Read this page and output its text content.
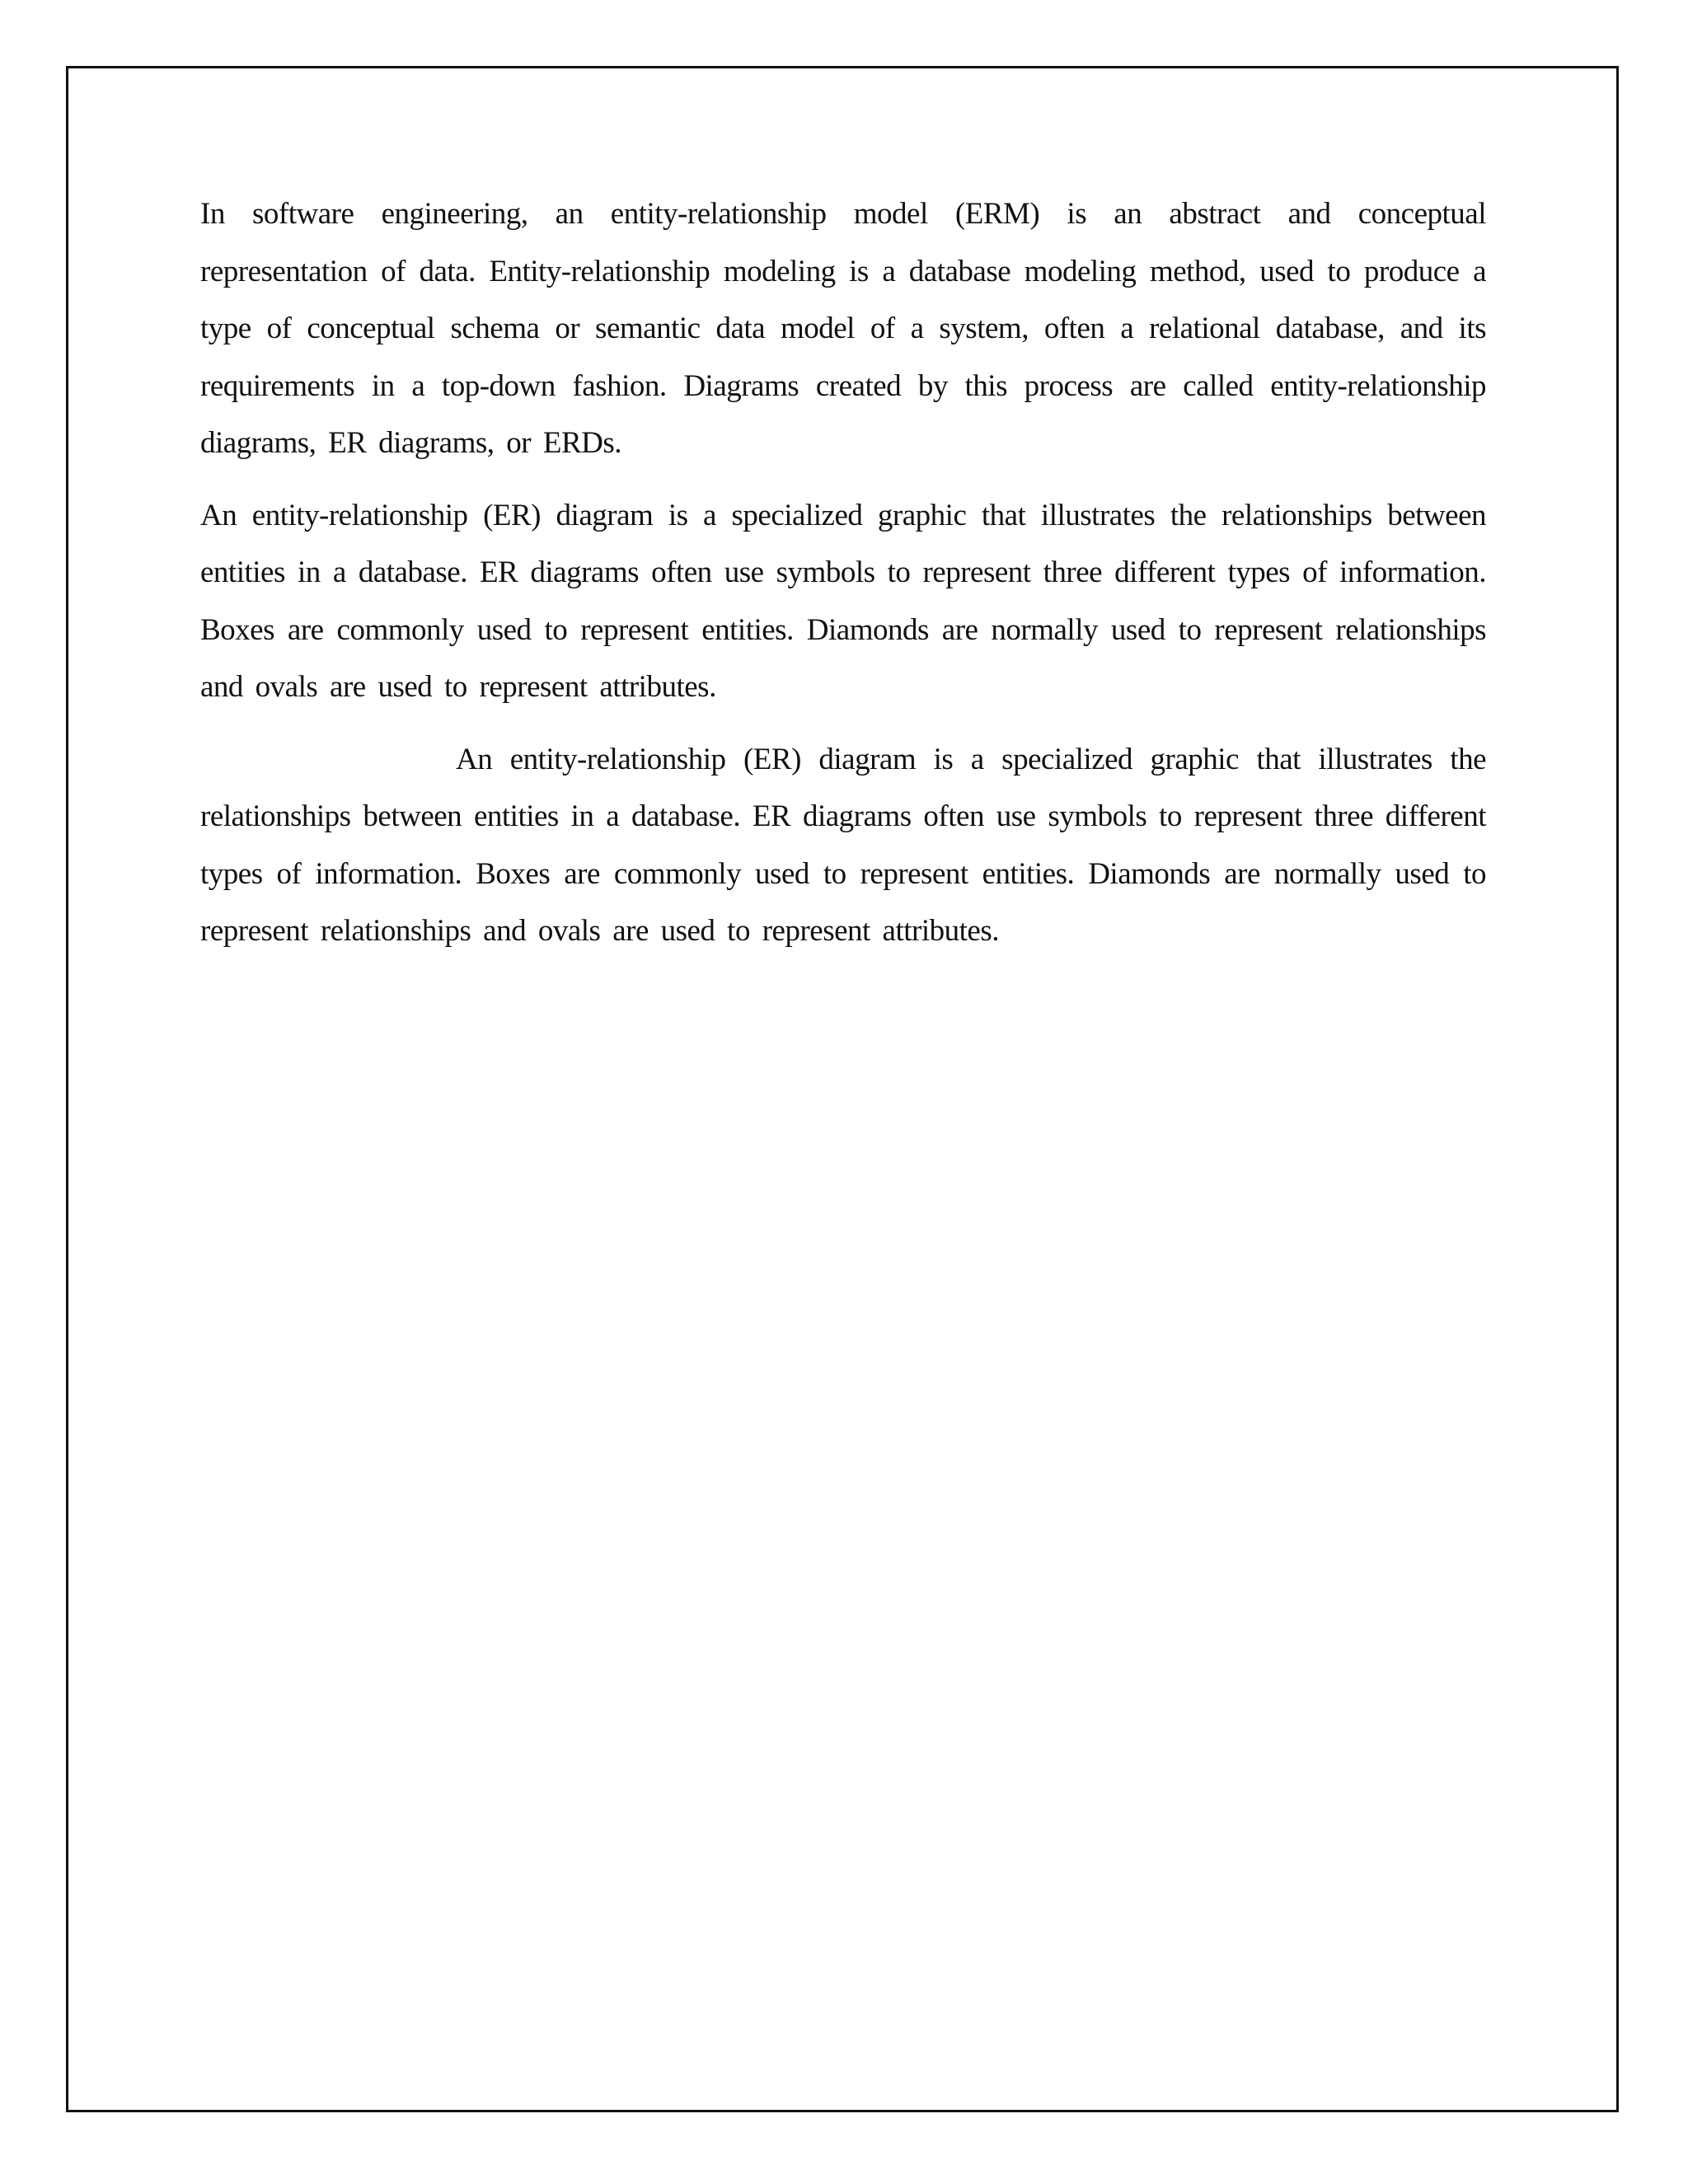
In software engineering, an entity-relationship model (ERM) is an abstract and conceptual representation of data. Entity-relationship modeling is a database modeling method, used to produce a type of conceptual schema or semantic data model of a system, often a relational database, and its requirements in a top-down fashion. Diagrams created by this process are called entity-relationship diagrams, ER diagrams, or ERDs.

An entity-relationship (ER) diagram is a specialized graphic that illustrates the relationships between entities in a database. ER diagrams often use symbols to represent three different types of information. Boxes are commonly used to represent entities. Diamonds are normally used to represent relationships and ovals are used to represent attributes.

An entity-relationship (ER) diagram is a specialized graphic that illustrates the relationships between entities in a database. ER diagrams often use symbols to represent three different types of information. Boxes are commonly used to represent entities. Diamonds are normally used to represent relationships and ovals are used to represent attributes.
